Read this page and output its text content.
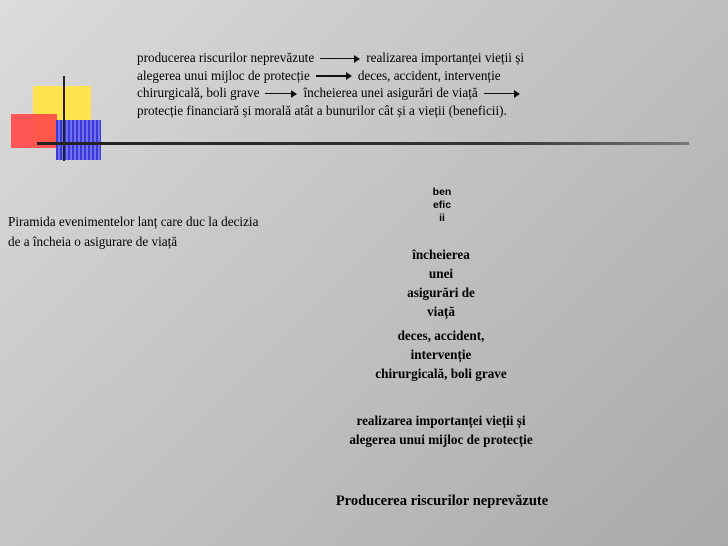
producerea riscurilor neprevăzute	realizarea importanței vieții și
alegerea unui mijloc de protecție	deces, accident, intervenție
chirurgicală, boli grave	încheierea unei asigurări de viață
protecție financiară și morală atât a bunurilor cât și a vieții (beneficii).
Piramida evenimentelor lanț care duc la decizia
de a încheia o asigurare de viață
ben
efic
ii
încheierea
unei
asigurări de
viață
deces, accident,
intervenție
chirurgicală, boli grave
realizarea importanței vieții și
alegerea unui mijloc de protecție
Producerea riscurilor neprevăzute
